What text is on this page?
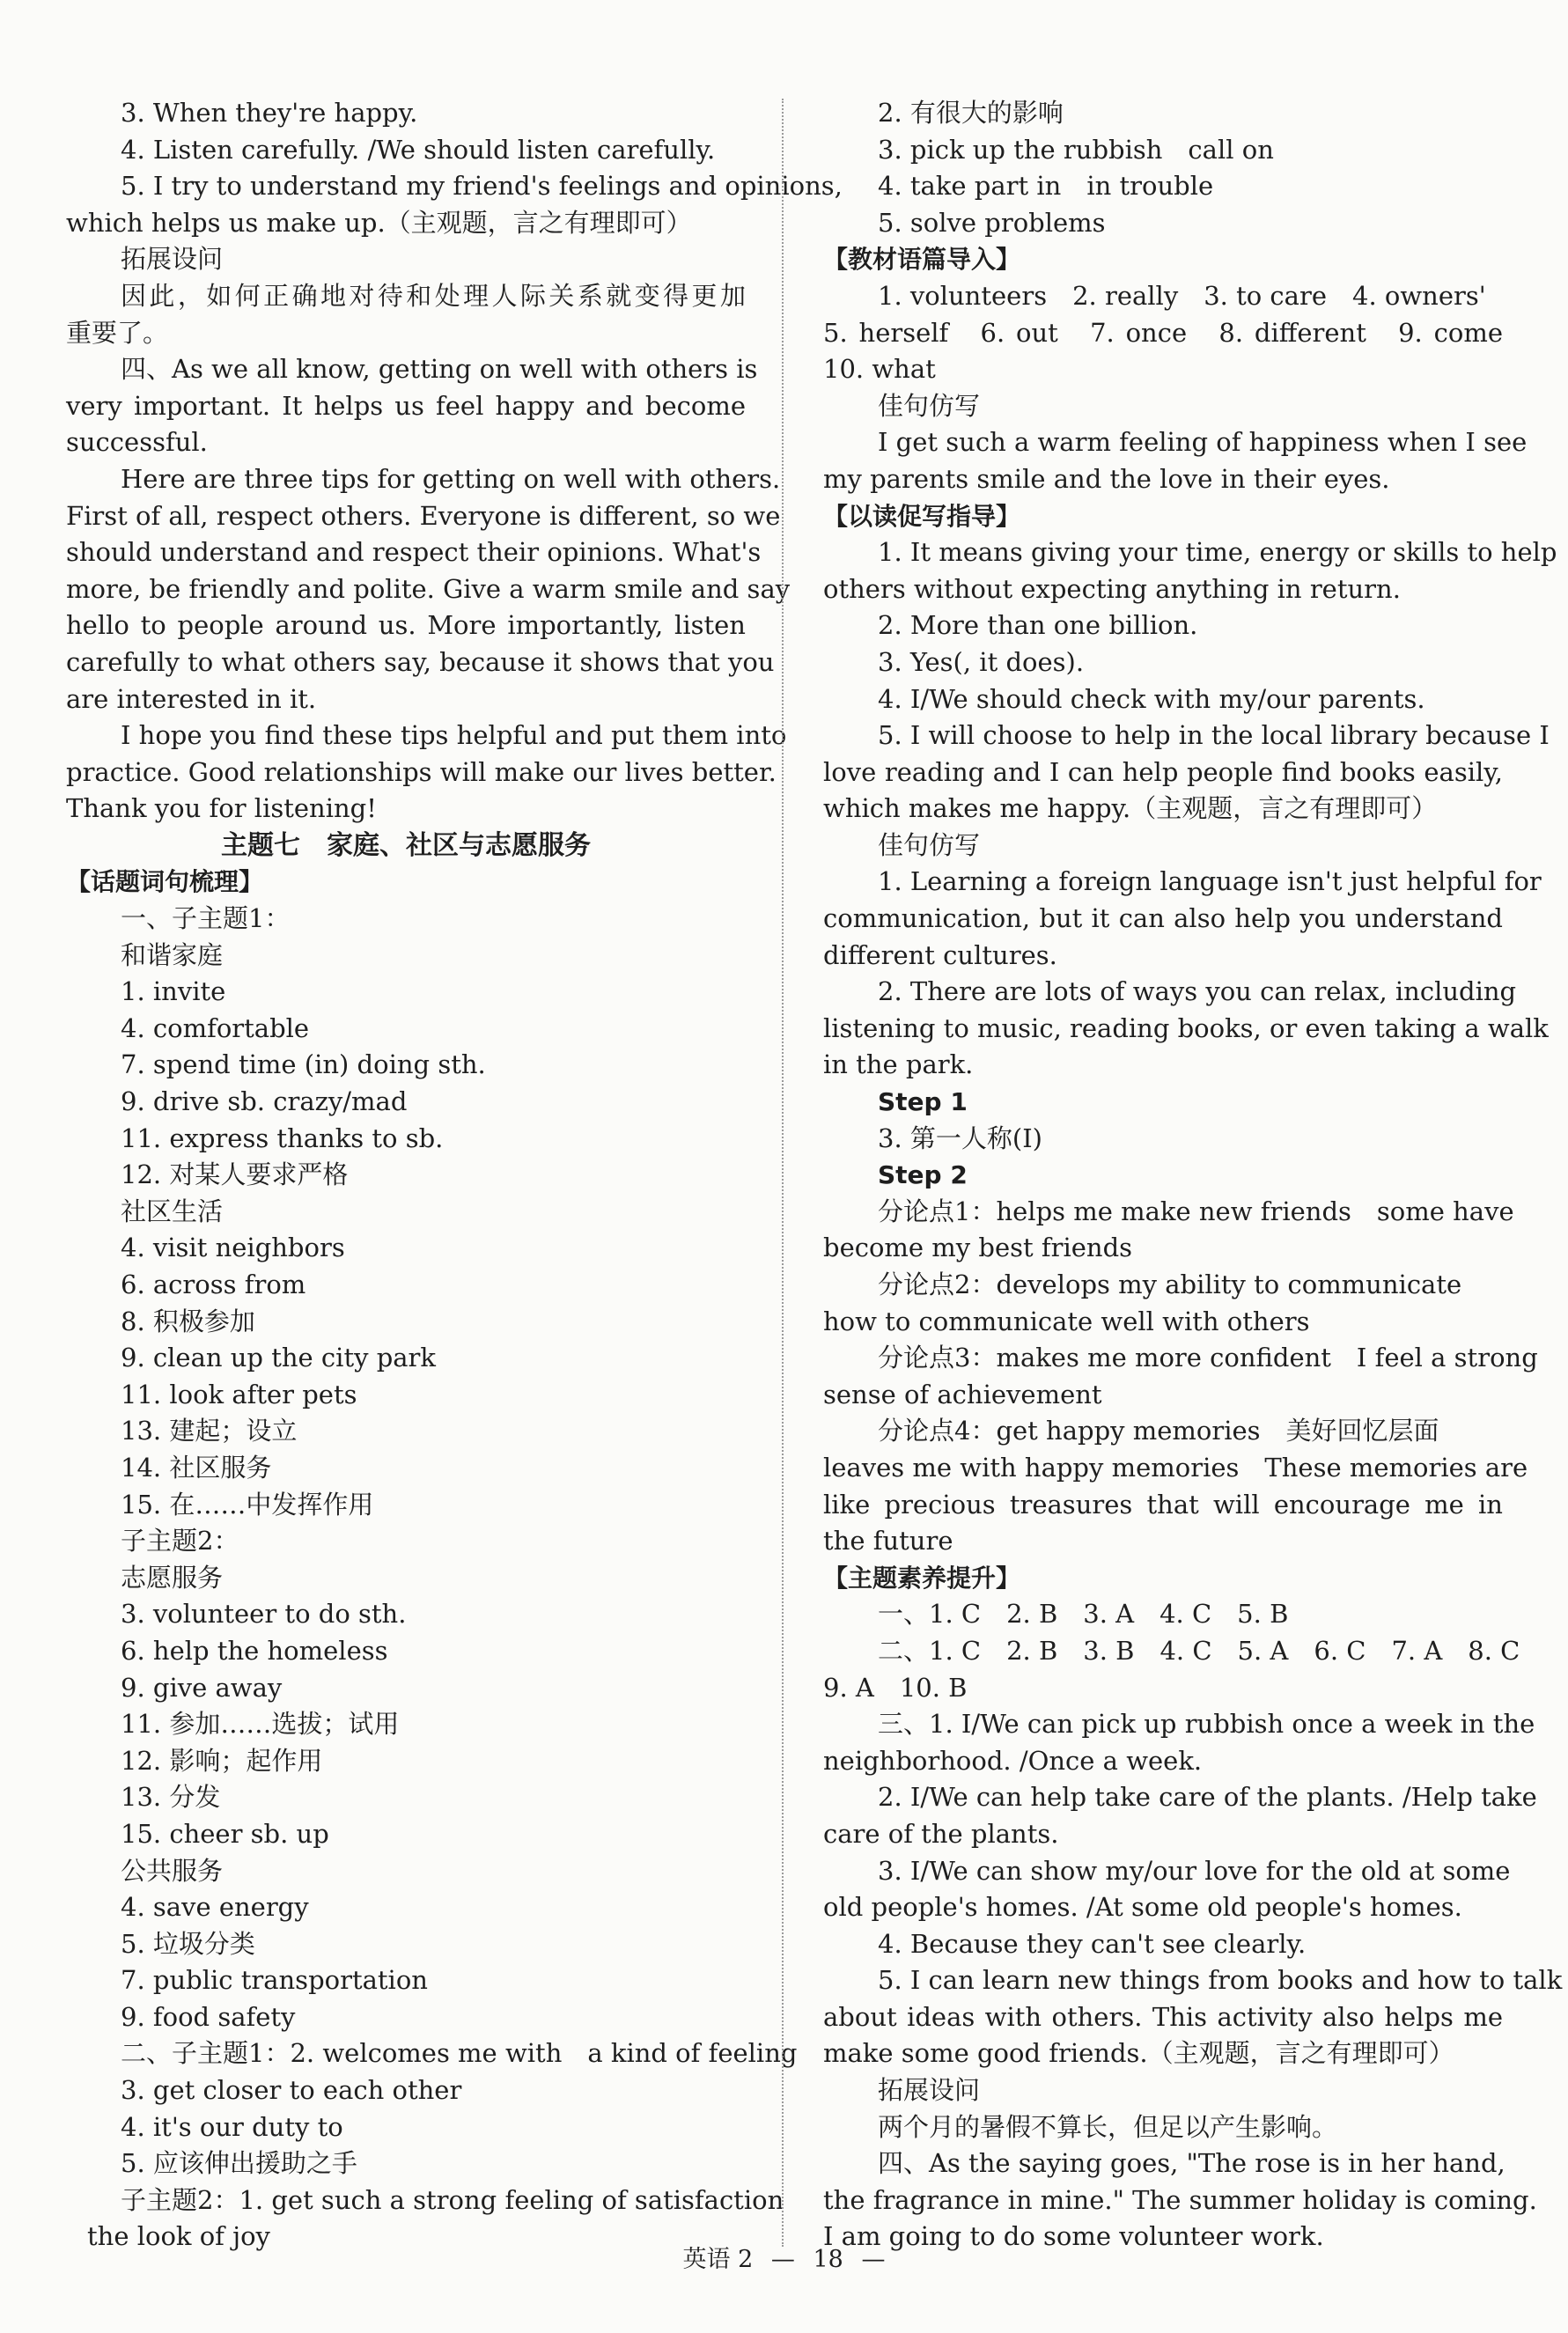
3. When they're happy.
4. Listen carefully. /We should listen carefully.
5. I try to understand my friend's feelings and opinions,
which helps us make up.（主观题，言之有理即可）
拓展设问
因此，如何正确地对待和处理人际关系就变得更加
重要了。
四、As we all know, getting on well with others is
very important. It helps us feel happy and become
successful.
Here are three tips for getting on well with others.
First of all, respect others. Everyone is different, so we
should understand and respect their opinions. What's
more, be friendly and polite. Give a warm smile and say
hello to people around us. More importantly, listen
carefully to what others say, because it shows that you
are interested in it.
I hope you find these tips helpful and put them into
practice. Good relationships will make our lives better.
Thank you for listening!
主题七　家庭、社区与志愿服务
【话题词句梳理】
一、子主题1：
和谐家庭
1. invite
4. comfortable
7. spend time (in) doing sth.
9. drive sb. crazy/mad
11. express thanks to sb.
12. 对某人要求严格
社区生活
4. visit neighbors
6. across from
8. 积极参加
9. clean up the city park
11. look after pets
13. 建起；设立
14. 社区服务
15. 在……中发挥作用
子主题2：
志愿服务
3. volunteer to do sth.
6. help the homeless
9. give away
11. 参加……选拔；试用
12. 影响；起作用
13. 分发
15. cheer sb. up
公共服务
4. save energy
5. 垃圾分类
7. public transportation
9. food safety
二、子主题1：2. welcomes me with　a kind of feeling
3. get closer to each other
4. it's our duty to
5. 应该伸出援助之手
子主题2：1. get such a strong feeling of satisfaction
the look of joy
2. 有很大的影响
3. pick up the rubbish　call on
4. take part in　in trouble
5. solve problems
【教材语篇导入】
1. volunteers　2. really　3. to care　4. owners'
5. herself　6. out　7. once　8. different　9. come
10. what
佳句仿写
I get such a warm feeling of happiness when I see
my parents smile and the love in their eyes.
【以读促写指导】
1. It means giving your time, energy or skills to help
others without expecting anything in return.
2. More than one billion.
3. Yes(, it does).
4. I/We should check with my/our parents.
5. I will choose to help in the local library because I
love reading and I can help people find books easily,
which makes me happy.（主观题，言之有理即可）
佳句仿写
1. Learning a foreign language isn't just helpful for
communication, but it can also help you understand
different cultures.
2. There are lots of ways you can relax, including
listening to music, reading books, or even taking a walk
in the park.
Step 1
3. 第一人称(I)
Step 2
分论点1：helps me make new friends　some have
become my best friends
分论点2：develops my ability to communicate
how to communicate well with others
分论点3：makes me more confident　I feel a strong
sense of achievement
分论点4：get happy memories　美好回忆层面
leaves me with happy memories　These memories are
like precious treasures that will encourage me in
the future
【主题素养提升】
一、1. C　2. B　3. A　4. C　5. B
二、1. C　2. B　3. B　4. C　5. A　6. C　7. A　8. C
9. A　10. B
三、1. I/We can pick up rubbish once a week in the
neighborhood. /Once a week.
2. I/We can help take care of the plants. /Help take
care of the plants.
3. I/We can show my/our love for the old at some
old people's homes. /At some old people's homes.
4. Because they can't see clearly.
5. I can learn new things from books and how to talk
about ideas with others. This activity also helps me
make some good friends.（主观题，言之有理即可）
拓展设问
两个月的暑假不算长，但足以产生影响。
四、As the saying goes, "The rose is in her hand,
the fragrance in mine." The summer holiday is coming.
I am going to do some volunteer work.
英语 2 — 18 —
